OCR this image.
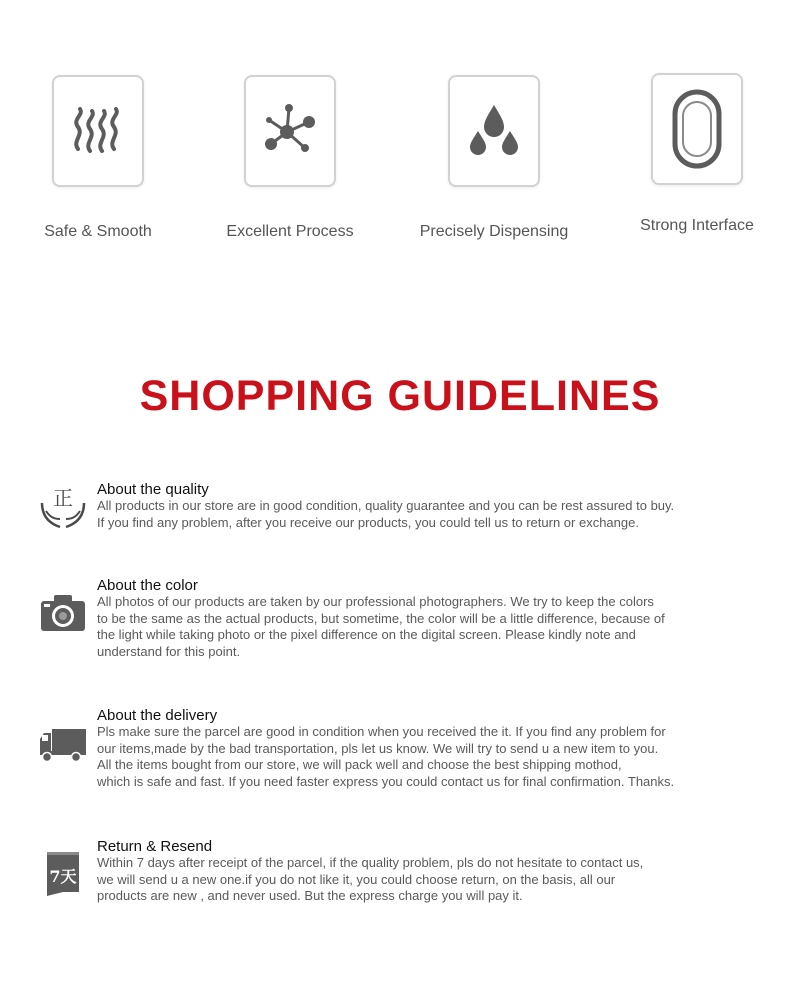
Safe & Smooth	Excellent Process	Precisely Dispensing	Strong Interface
SHOPPING GUIDELINES
正 About the quality
All products in our store are in good condition, quality guarantee and you can be rest assured to buy.
If you find any problem, after you receive our products, you could tell us to return or exchange.
About the color
All photos of our products are taken by our professional photographers. We try to keep the colors
to be the same as the actual products, but sometime, the color will be a little difference, because of
the light while taking photo or the pixel difference on the digital screen. Please kindly note and
understand for this point.
About the delivery
Pls make sure the parcel are good in condition when you received the it. If you find any problem for
our items,made by the bad transportation, pls let us know. We will try to send u a new item to you.
All the items bought from our store, we will pack well and choose the best shipping mothod,
which is safe and fast. If you need faster express you could contact us for final confirmation. Thanks.
7天
Return & Resend
Within 7 days after receipt of the parcel, if the quality problem, pls do not hesitate to contact us,
we will send u a new one.if you do not like it, you could choose return, on the basis, all our
products are new , and never used. But the express charge you will pay it.
